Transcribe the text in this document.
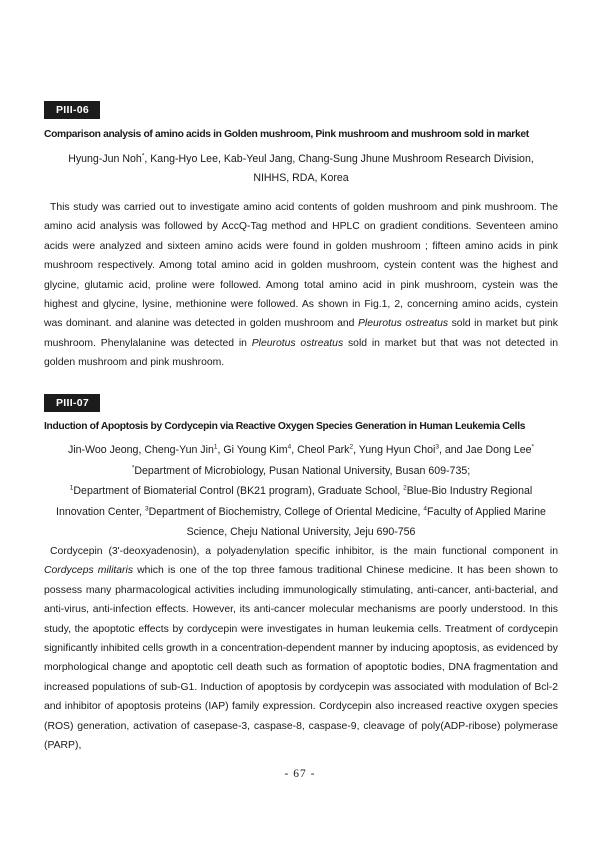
PIII-06
Comparison analysis of amino acids in Golden mushroom, Pink mushroom and mushroom sold in market
Hyung-Jun Noh*, Kang-Hyo Lee, Kab-Yeul Jang, Chang-Sung Jhune Mushroom Research Division,
NIHHS, RDA, Korea

This study was carried out to investigate amino acid contents of golden mushroom and pink mushroom. The amino acid analysis was followed by AccQ-Tag method and HPLC on gradient conditions. Seventeen amino acids were analyzed and sixteen amino acids were found in golden mushroom ; fifteen amino acids in pink mushroom respectively. Among total amino acid in golden mushroom, cystein content was the highest and glycine, glutamic acid, proline were followed. Among total amino acid in pink mushroom, cystein was the highest and glycine, lysine, methionine were followed. As shown in Fig.1, 2, concerning amino acids, cystein was dominant. and alanine was detected in golden mushroom and Pleurotus ostreatus sold in market but pink mushroom. Phenylalanine was detected in Pleurotus ostreatus sold in market but that was not detected in golden mushroom and pink mushroom.

PIII-07
Induction of Apoptosis by Cordycepin via Reactive Oxygen Species Generation in Human Leukemia Cells
Jin-Woo Jeong, Cheng-Yun Jin$^1$, Gi Young Kim$^4$, Cheol Park$^2$, Yung Hyun Choi$^3$, and Jae Dong Lee*
*Department of Microbiology, Pusan National University, Busan 609-735;
$^1$Department of Biomaterial Control (BK21 program), Graduate School, $^2$Blue-Bio Industry Regional
Innovation Center, $^3$Department of Biochemistry, College of Oriental Medicine, $^4$Faculty of Applied Marine
Science, Cheju National University, Jeju 690-756

Cordycepin (3'-deoxyadenosin), a polyadenylation specific inhibitor, is the main functional component in Cordyceps militaris which is one of the top three famous traditional Chinese medicine. It has been shown to possess many pharmacological activities including immunologically stimulating, anti-cancer, anti-bacterial, and anti-virus, anti-infection effects. However, its anti-cancer molecular mechanisms are poorly understood. In this study, the apoptotic effects by cordycepin were investigates in human leukemia cells. Treatment of cordycepin significantly inhibited cells growth in a concentration-dependent manner by inducing apoptosis, as evidenced by morphological change and apoptotic cell death such as formation of apoptotic bodies, DNA fragmentation and increased populations of sub-G1. Induction of apoptosis by cordycepin was associated with modulation of Bcl-2 and inhibitor of apoptosis proteins (IAP) family expression. Cordycepin also increased reactive oxygen species (ROS) generation, activation of casepase-3, caspase-8, caspase-9, cleavage of poly(ADP-ribose) polymerase (PARP),

- 67 -
